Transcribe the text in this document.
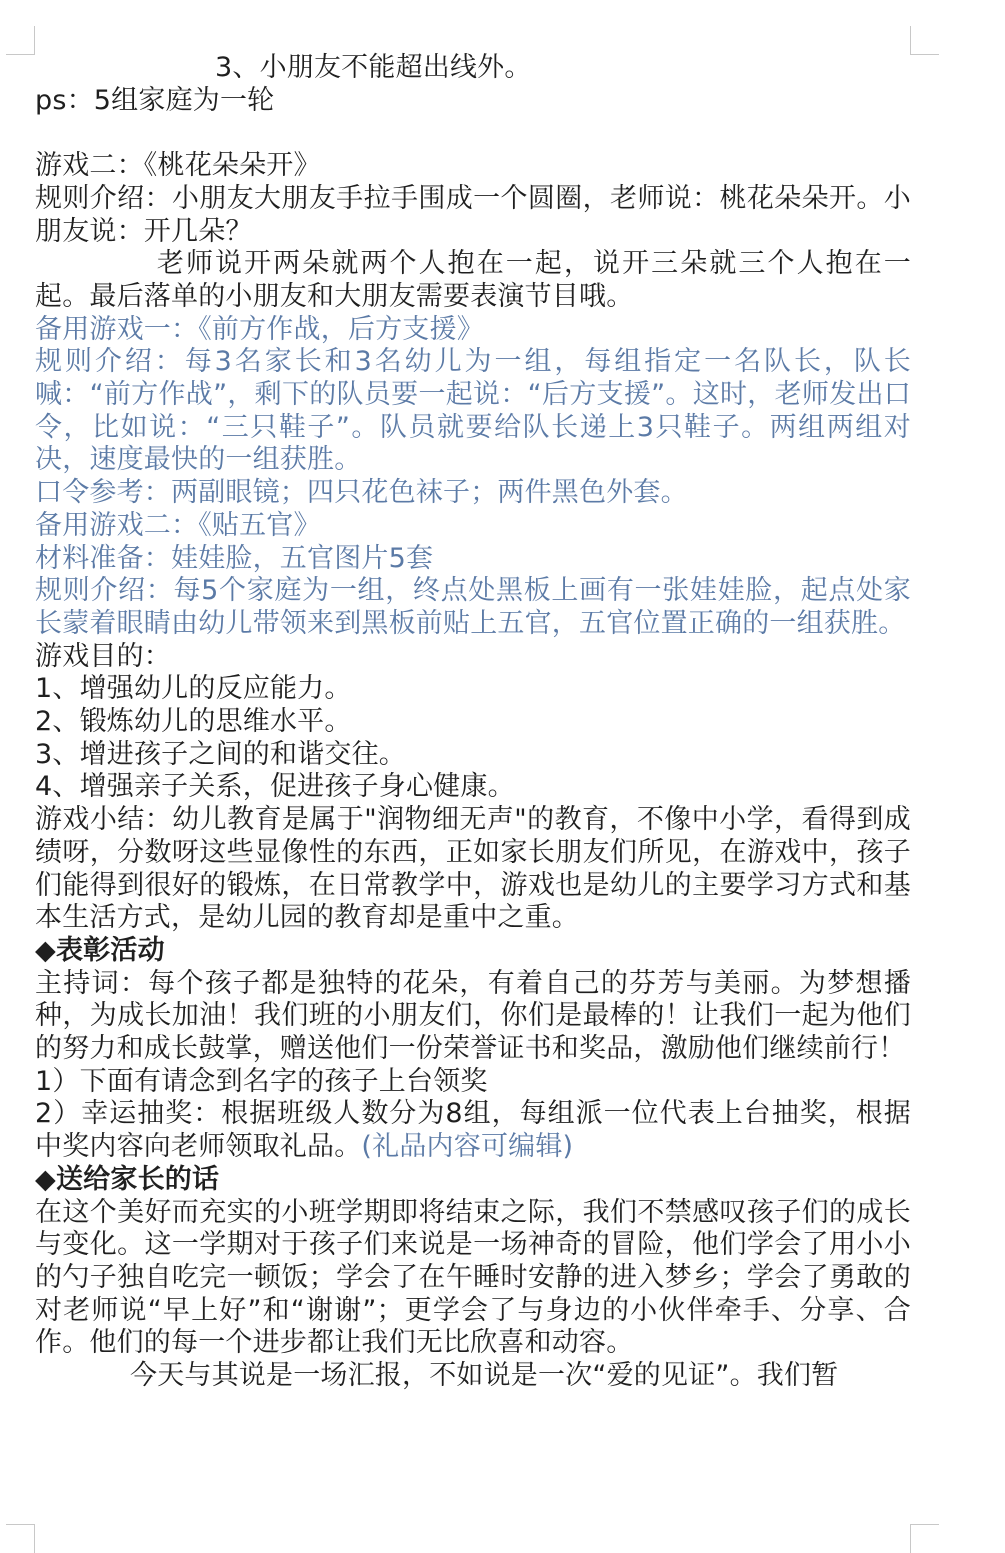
3、小朋友不能超出线外。

ps：5组家庭为一轮

游戏二：《桃花朵朵开》

规则介绍：小朋友大朋友手拉手围成一个圆圈，老师说：桃花朵朵开。小朋友说：开几朵？

老师说开两朵就两个人抱在一起，说开三朵就三个人抱在一起。最后落单的小朋友和大朋友需要表演节目哦。

备用游戏一：《前方作战，后方支援》

规则介绍：每3名家长和3名幼儿为一组，每组指定一名队长，队长喊：“前方作战”，剩下的队员要一起说：“后方支援”。这时，老师发出口令，比如说：“三只鞋子”。队员就要给队长递上3只鞋子。两组两组对决，速度最快的一组获胜。

口令参考：两副眼镜；四只花色袜子；两件黑色外套。

备用游戏二：《贴五官》

材料准备：娃娃脸，五官图片5套

规则介绍：每5个家庭为一组，终点处黑板上画有一张娃娃脸，起点处家长蒙着眼睛由幼儿带领来到黑板前贴上五官，五官位置正确的一组获胜。

游戏目的：

1、增强幼儿的反应能力。

2、锻炼幼儿的思维水平。

3、增进孩子之间的和谐交往。

4、增强亲子关系，促进孩子身心健康。

游戏小结：幼儿教育是属于"润物细无声"的教育，不像中小学，看得到成绩呀，分数呀这些显像性的东西，正如家长朋友们所见，在游戏中，孩子们能得到很好的锻炼，在日常教学中，游戏也是幼儿的主要学习方式和基本生活方式，是幼儿园的教育却是重中之重。

◆表彰活动

主持词：每个孩子都是独特的花朵，有着自己的芬芳与美丽。为梦想播种，为成长加油！我们班的小朋友们，你们是最棒的！让我们一起为他们的努力和成长鼓掌，赠送他们一份荣誉证书和奖品，激励他们继续前行！

1）下面有请念到名字的孩子上台领奖

2）幸运抽奖：根据班级人数分为8组，每组派一位代表上台抽奖，根据中奖内容向老师领取礼品。(礼品内容可编辑)

◆送给家长的话

在这个美好而充实的小班学期即将结束之际，我们不禁感叹孩子们的成长与变化。这一学期对于孩子们来说是一场神奇的冒险，他们学会了用小小的勺子独自吃完一顿饭；学会了在午睡时安静的进入梦乡；学会了勇敢的对老师说“早上好”和“谢谢”；更学会了与身边的小伙伴牵手、分享、合作。他们的每一个进步都让我们无比欣喜和动容。

今天与其说是一场汇报，不如说是一次“爱的见证”。我们暂
